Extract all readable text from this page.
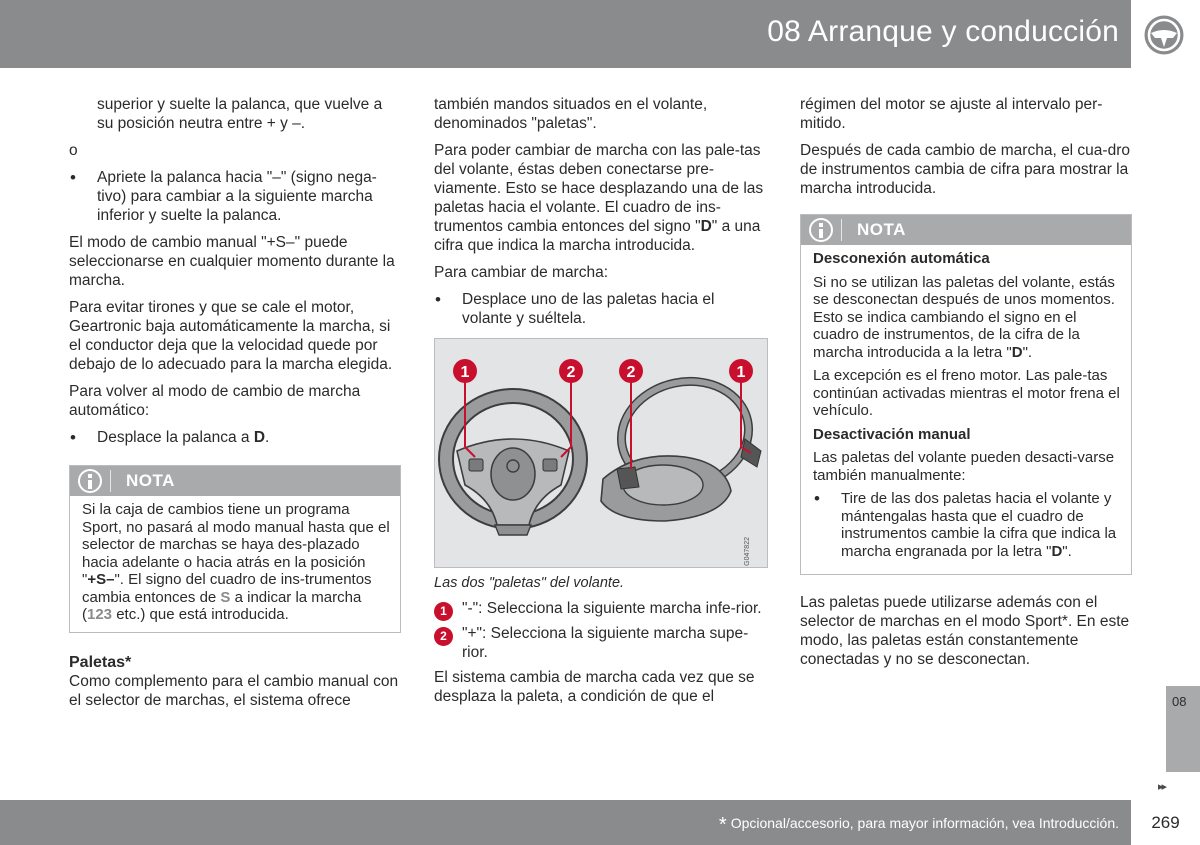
08 Arranque y conducción

superior y suelte la palanca, que vuelve a su posición neutra entre + y –.

o

• Apriete la palanca hacia "–" (signo nega-tivo) para cambiar a la siguiente marcha inferior y suelte la palanca.

El modo de cambio manual "+S–" puede seleccionarse en cualquier momento durante la marcha.

Para evitar tirones y que se cale el motor, Geartronic baja automáticamente la marcha, si el conductor deja que la velocidad quede por debajo de lo adecuado para la marcha elegida.

Para volver al modo de cambio de marcha automático:

• Desplace la palanca a D.
NOTA

Si la caja de cambios tiene un programa Sport, no pasará al modo manual hasta que el selector de marchas se haya des-plazado hacia adelante o hacia atrás en la posición "+S–". El signo del cuadro de ins-trumentos cambia entonces de S a indicar la marcha (123 etc.) que está introducida.

Paletas*

Como complemento para el cambio manual con el selector de marchas, el sistema ofrece

también mandos situados en el volante, denominados "paletas".

Para poder cambiar de marcha con las pale-tas del volante, éstas deben conectarse pre-viamente. Esto se hace desplazando una de las paletas hacia el volante. El cuadro de ins-trumentos cambia entonces del signo "D" a una cifra que indica la marcha introducida.

Para cambiar de marcha:

• Desplace uno de las paletas hacia el volante y suéltela.
1	2	2	1
G047822
Las dos "paletas" del volante.
1 "-": Selecciona la siguiente marcha infe-rior.
2 "+": Selecciona la siguiente marcha supe-rior.

El sistema cambia de marcha cada vez que se desplaza la paleta, a condición de que el

régimen del motor se ajuste al intervalo per-mitido.

Después de cada cambio de marcha, el cua-dro de instrumentos cambia de cifra para mostrar la marcha introducida.

NOTA

Desconexión automática

Si no se utilizan las paletas del volante, estás se desconectan después de unos momentos. Esto se indica cambiando el signo en el cuadro de instrumentos, de la cifra de la marcha introducida a la letra "D".

La excepción es el freno motor. Las pale-tas continúan activadas mientras el motor frena el vehículo.

Desactivación manual

Las paletas del volante pueden desacti-varse también manualmente:

• Tire de las dos paletas hacia el volante y mántengalas hasta que el cuadro de instrumentos cambie la cifra que indica la marcha engranada por la letra "D".

Las paletas puede utilizarse además con el selector de marchas en el modo Sport*. En este modo, las paletas están constantemente conectadas y no se desconectan.

08
▸▸
* Opcional/accesorio, para mayor información, vea Introducción.	269
